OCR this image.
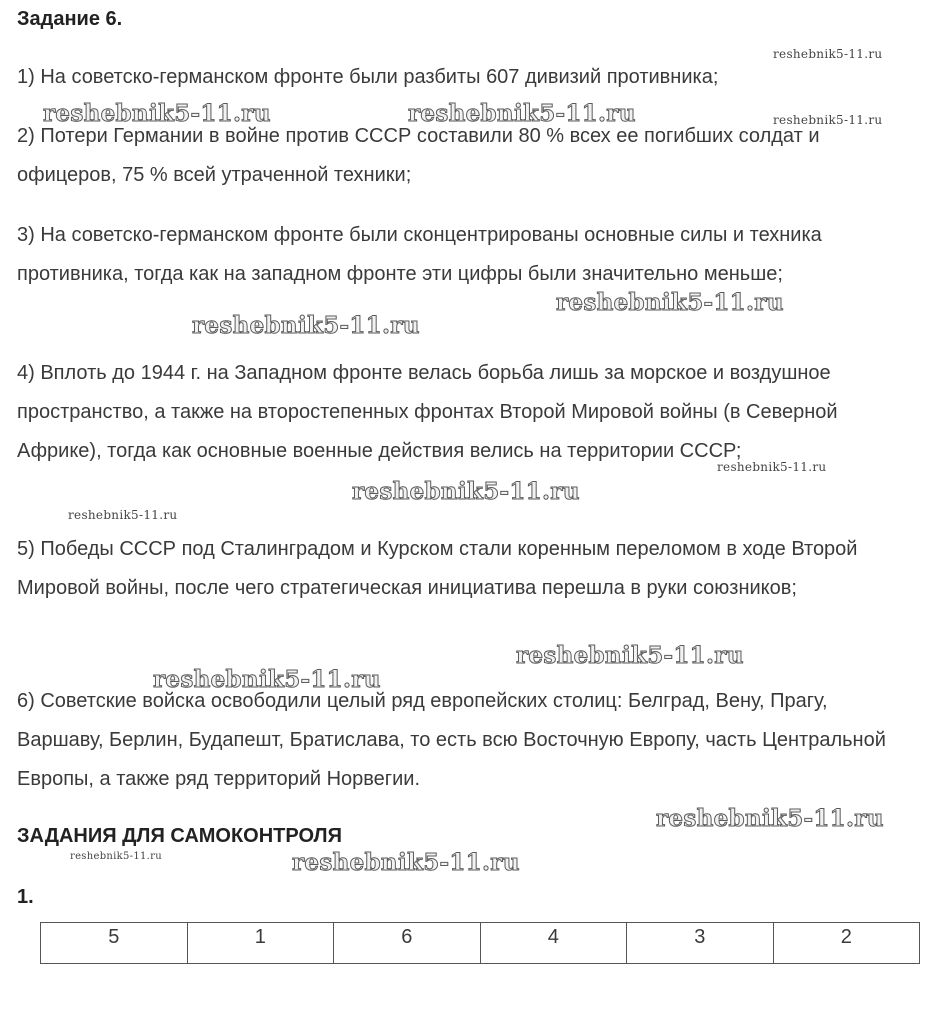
Задание 6.

1) На советско-германском фронте были разбиты 607 дивизий противника;

2) Потери Германии в войне против СССР составили 80 % всех ее погибших солдат и офицеров, 75 % всей утраченной техники;

3) На советско-германском фронте были сконцентрированы основные силы и техника противника, тогда как на западном фронте эти цифры были значительно меньше;

4) Вплоть до 1944 г. на Западном фронте велась борьба лишь за морское и воздушное пространство, а также на второстепенных фронтах Второй Мировой войны (в Северной Африке), тогда как основные военные действия велись на территории СССР;

5) Победы СССР под Сталинградом и Курском стали коренным переломом в ходе Второй Мировой войны, после чего стратегическая инициатива перешла в руки союзников;

6) Советские войска освободили целый ряд европейских столиц: Белград, Вену, Прагу, Варшаву, Берлин, Будапешт, Братислава, то есть всю Восточную Европу, часть Центральной Европы, а также ряд территорий Норвегии.

ЗАДАНИЯ ДЛЯ САМОКОНТРОЛЯ
1.
5	1	6	4	3	2
reshebnik5-11.ru
reshebnik5-11.ru	reshebnik5-11.ru	reshebnik5-11.ru
reshebnik5-11.ru
reshebnik5-11.ru
reshebnik5-11.ru
reshebnik5-11.ru
reshebnik5-11.ru
reshebnik5-11.ru
reshebnik5-11.ru
reshebnik5-11.ru
reshebnik5-11.ru	reshebnik5-11.ru
